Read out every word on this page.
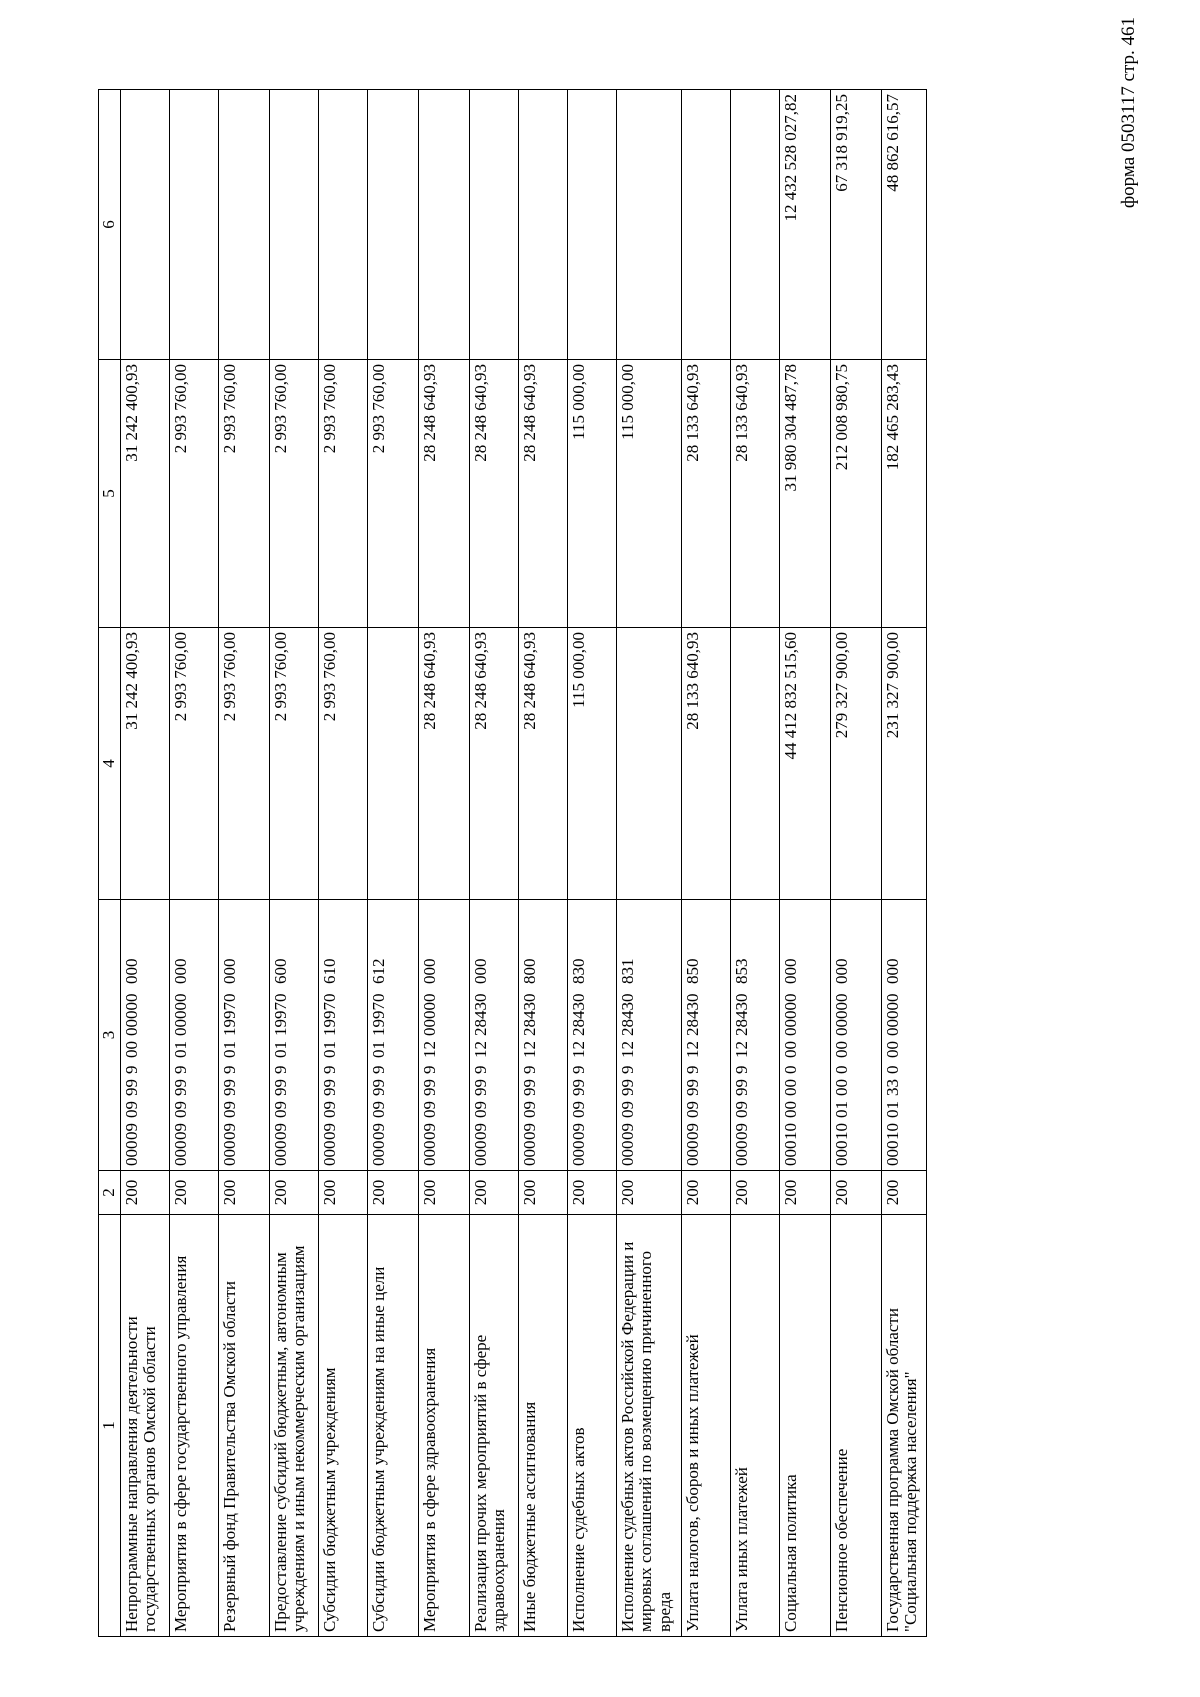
форма 0503117 стр. 461
1	2	3	4	5	6
Непрограммные направления деятельности государственных органов Омской области	200	00009099990000000000	31 242 400,93	31 242 400,93	
Мероприятия в сфере государственного управления	200	00009099990100000000	2 993 760,00	2 993 760,00	
Резервный фонд Правительства Омской области	200	00009099990119970000	2 993 760,00	2 993 760,00	
Предоставление субсидий бюджетным, автономным учреждениям и иным некоммерческим организациям	200	00009099990119970600	2 993 760,00	2 993 760,00	
Субсидии бюджетным учреждениям	200	00009099990119970610	2 993 760,00	2 993 760,00	
Субсидии бюджетным учреждениям на иные цели	200	00009099990119970612		2 993 760,00	
Мероприятия в сфере здравоохранения	200	00009099991200000000	28 248 640,93	28 248 640,93	
Реализация прочих мероприятий в сфере здравоохранения	200	00009099991228430000	28 248 640,93	28 248 640,93	
Иные бюджетные ассигнования	200	00009099991228430800	28 248 640,93	28 248 640,93	
Исполнение судебных актов	200	00009099991228430830	115 000,00	115 000,00	
Исполнение судебных актов Российской Федерации и мировых соглашений по возмещению причиненного вреда	200	00009099991228430831		115 000,00	
Уплата налогов, сборов и иных платежей	200	00009099991228430850	28 133 640,93	28 133 640,93	
Уплата иных платежей	200	00009099991228430853		28 133 640,93	
Социальная политика	200	00010000000000000000	44 412 832 515,60	31 980 304 487,78	12 432 528 027,82
Пенсионное обеспечение	200	00010010000000000000	279 327 900,00	212 008 980,75	67 318 919,25
Государственная программа Омской области "Социальная поддержка населения"	200	00010013300000000000	231 327 900,00	182 465 283,43	48 862 616,57
